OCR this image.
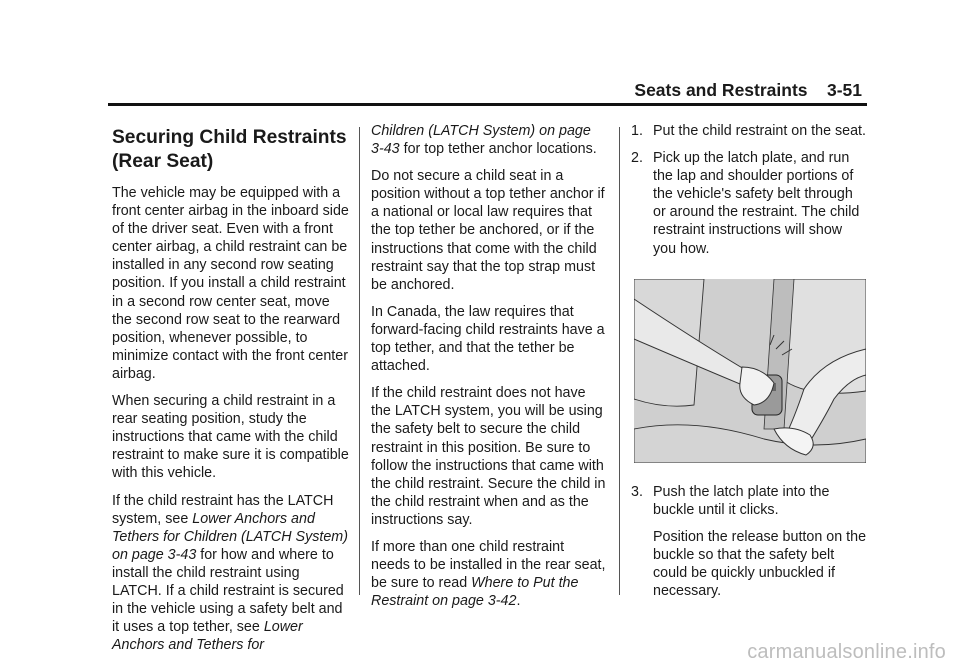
Seats and Restraints 3-51
Securing Child Restraints
(Rear Seat)

The vehicle may be equipped with a front center airbag in the inboard side of the driver seat. Even with a front center airbag, a child restraint can be installed in any second row seating position. If you install a child restraint in a second row center seat, move the second row seat to the rearward position, whenever possible, to minimize contact with the front center airbag.

When securing a child restraint in a rear seating position, study the instructions that came with the child restraint to make sure it is compatible with this vehicle.

If the child restraint has the LATCH system, see Lower Anchors and Tethers for Children (LATCH System) on page 3-43 for how and where to install the child restraint using LATCH. If a child restraint is secured in the vehicle using a safety belt and it uses a top tether, see Lower Anchors and Tethers for

Children (LATCH System) on page 3-43 for top tether anchor locations.

Do not secure a child seat in a position without a top tether anchor if a national or local law requires that the top tether be anchored, or if the instructions that come with the child restraint say that the top strap must be anchored.

In Canada, the law requires that forward-facing child restraints have a top tether, and that the tether be attached.

If the child restraint does not have the LATCH system, you will be using the safety belt to secure the child restraint in this position. Be sure to follow the instructions that came with the child restraint. Secure the child in the child restraint when and as the instructions say.

If more than one child restraint needs to be installed in the rear seat, be sure to read Where to Put the Restraint on page 3-42.

1. Put the child restraint on the seat.
2. Pick up the latch plate, and run the lap and shoulder portions of the vehicle's safety belt through or around the restraint. The child restraint instructions will show you how.
3. Push the latch plate into the buckle until it clicks.

Position the release button on the buckle so that the safety belt could be quickly unbuckled if necessary.

carmanualsonline.info
